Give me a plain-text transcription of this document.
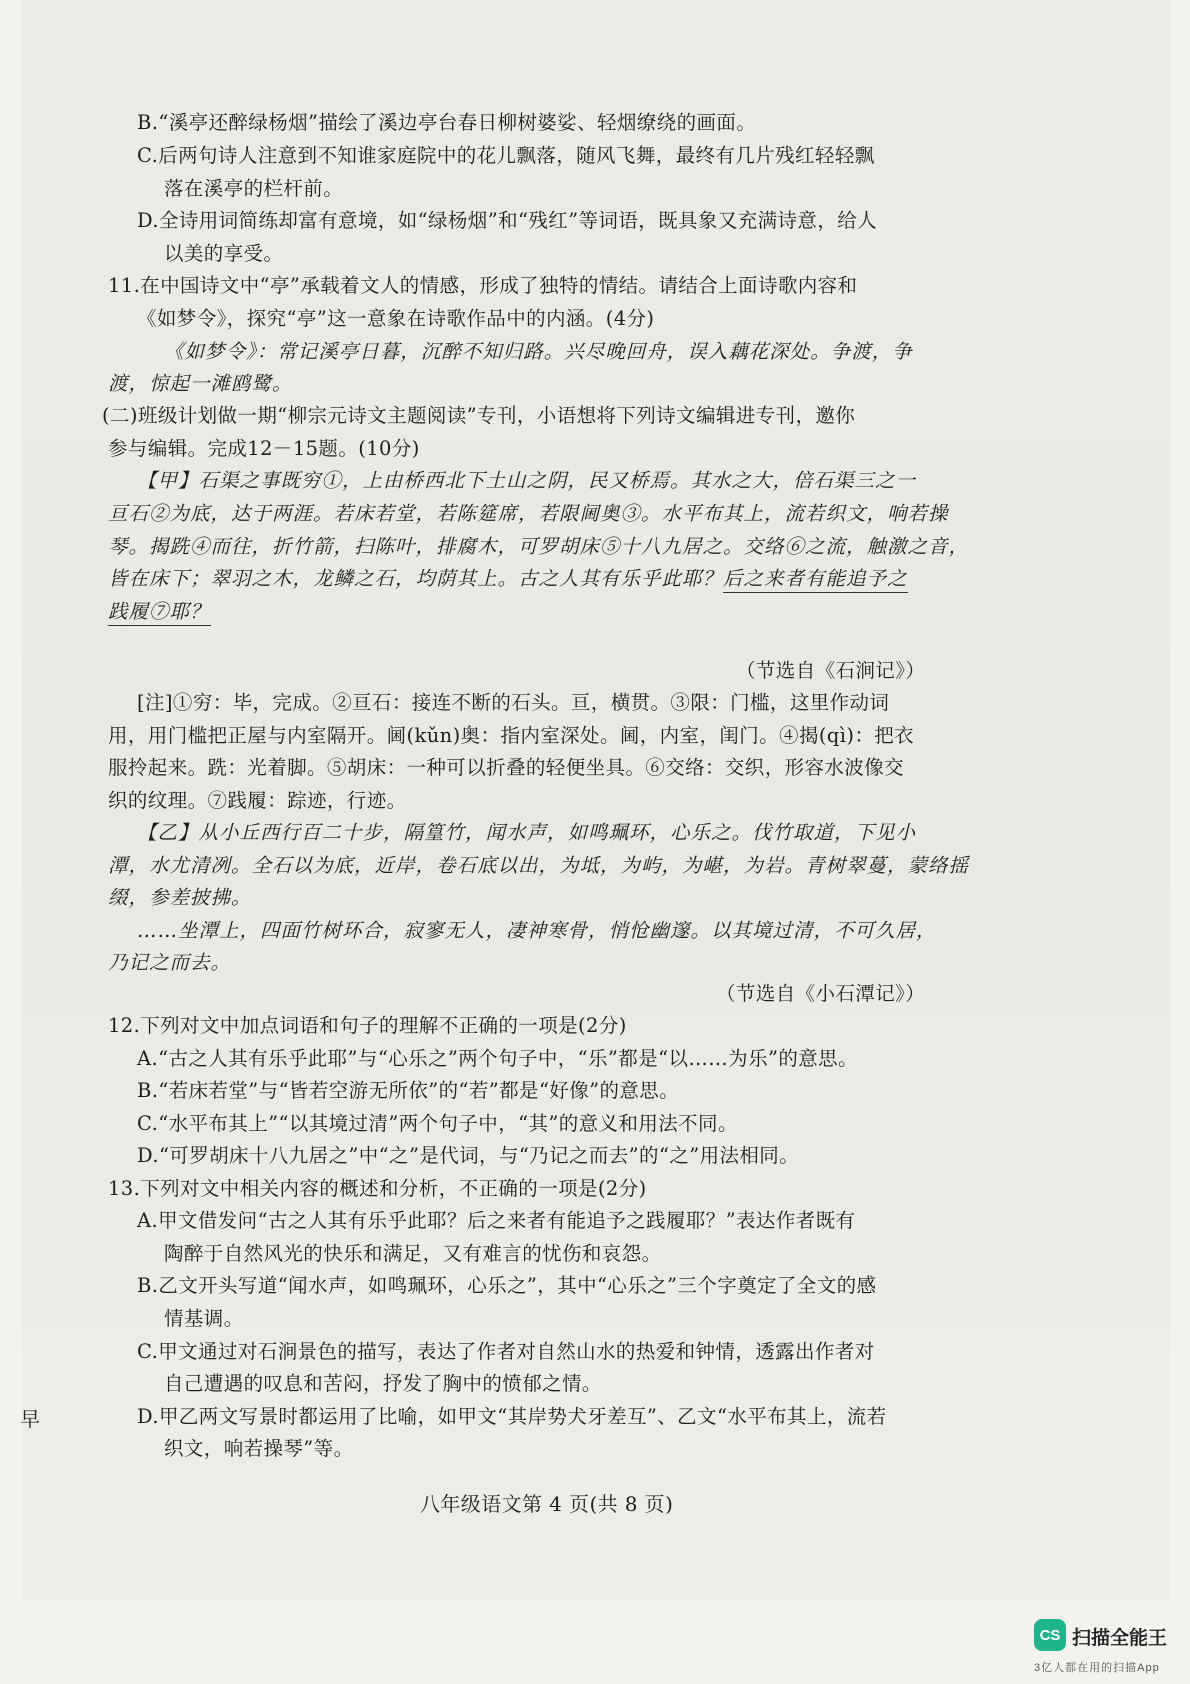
B.“溪亭还醉绿杨烟”描绘了溪边亭台春日柳树婆娑、轻烟缭绕的画面。
C.后两句诗人注意到不知谁家庭院中的花儿飘落，随风飞舞，最终有几片残红轻轻飘
落在溪亭的栏杆前。
D.全诗用词简练却富有意境，如“绿杨烟”和“残红”等词语，既具象又充满诗意，给人
以美的享受。
11.在中国诗文中“亭”承载着文人的情感，形成了独特的情结。请结合上面诗歌内容和
《如梦令》，探究“亭”这一意象在诗歌作品中的内涵。(4分)
《如梦令》：常记溪亭日暮，沉醉不知归路。兴尽晚回舟，误入藕花深处。争渡，争
渡，惊起一滩鸥鹭。
(二)班级计划做一期“柳宗元诗文主题阅读”专刊，小语想将下列诗文编辑进专刊，邀你
参与编辑。完成12－15题。(10分)
【甲】石渠之事既穷①，上由桥西北下土山之阴，民又桥焉。其水之大，倍石渠三之一
亘石②为底，达于两涯。若床若堂，若陈筵席，若限阃奥③。水平布其上，流若织文，响若操
琴。揭跣④而往，折竹箭，扫陈叶，排腐木，可罗胡床⑤十八九居之。交络⑥之流，触激之音，
皆在床下；翠羽之木，龙鳞之石，均荫其上。古之人其有乐乎此耶？后之来者有能追予之
践履⑦耶？
（节选自《石涧记》）
[注]①穷：毕，完成。②亘石：接连不断的石头。亘，横贯。③限：门槛，这里作动词
用，用门槛把正屋与内室隔开。阃(kǔn)奥：指内室深处。阃，内室，闺门。④揭(qì)：把衣
服拎起来。跣：光着脚。⑤胡床：一种可以折叠的轻便坐具。⑥交络：交织，形容水波像交
织的纹理。⑦践履：踪迹，行迹。
【乙】从小丘西行百二十步，隔篁竹，闻水声，如鸣珮环，心乐之。伐竹取道，下见小
潭，水尤清冽。全石以为底，近岸，卷石底以出，为坻，为屿，为嵁，为岩。青树翠蔓，蒙络摇
缀，参差披拂。
……坐潭上，四面竹树环合，寂寥无人，凄神寒骨，悄怆幽邃。以其境过清，不可久居，
乃记之而去。
（节选自《小石潭记》）
12.下列对文中加点词语和句子的理解不正确的一项是(2分)
A.“古之人其有乐乎此耶”与“心乐之”两个句子中，“乐”都是“以……为乐”的意思。
B.“若床若堂”与“皆若空游无所依”的“若”都是“好像”的意思。
C.“水平布其上”“以其境过清”两个句子中，“其”的意义和用法不同。
D.“可罗胡床十八九居之”中“之”是代词，与“乃记之而去”的“之”用法相同。
13.下列对文中相关内容的概述和分析，不正确的一项是(2分)
A.甲文借发问“古之人其有乐乎此耶？后之来者有能追予之践履耶？”表达作者既有
陶醉于自然风光的快乐和满足，又有难言的忧伤和哀怨。
B.乙文开头写道“闻水声，如鸣珮环，心乐之”，其中“心乐之”三个字奠定了全文的感
情基调。
C.甲文通过对石涧景色的描写，表达了作者对自然山水的热爱和钟情，透露出作者对
自己遭遇的叹息和苦闷，抒发了胸中的愤郁之情。
D.甲乙两文写景时都运用了比喻，如甲文“其岸势犬牙差互”、乙文“水平布其上，流若
织文，响若操琴”等。
八年级语文第 4 页(共 8 页)
早
CS 扫描全能王
3亿人都在用的扫描App
